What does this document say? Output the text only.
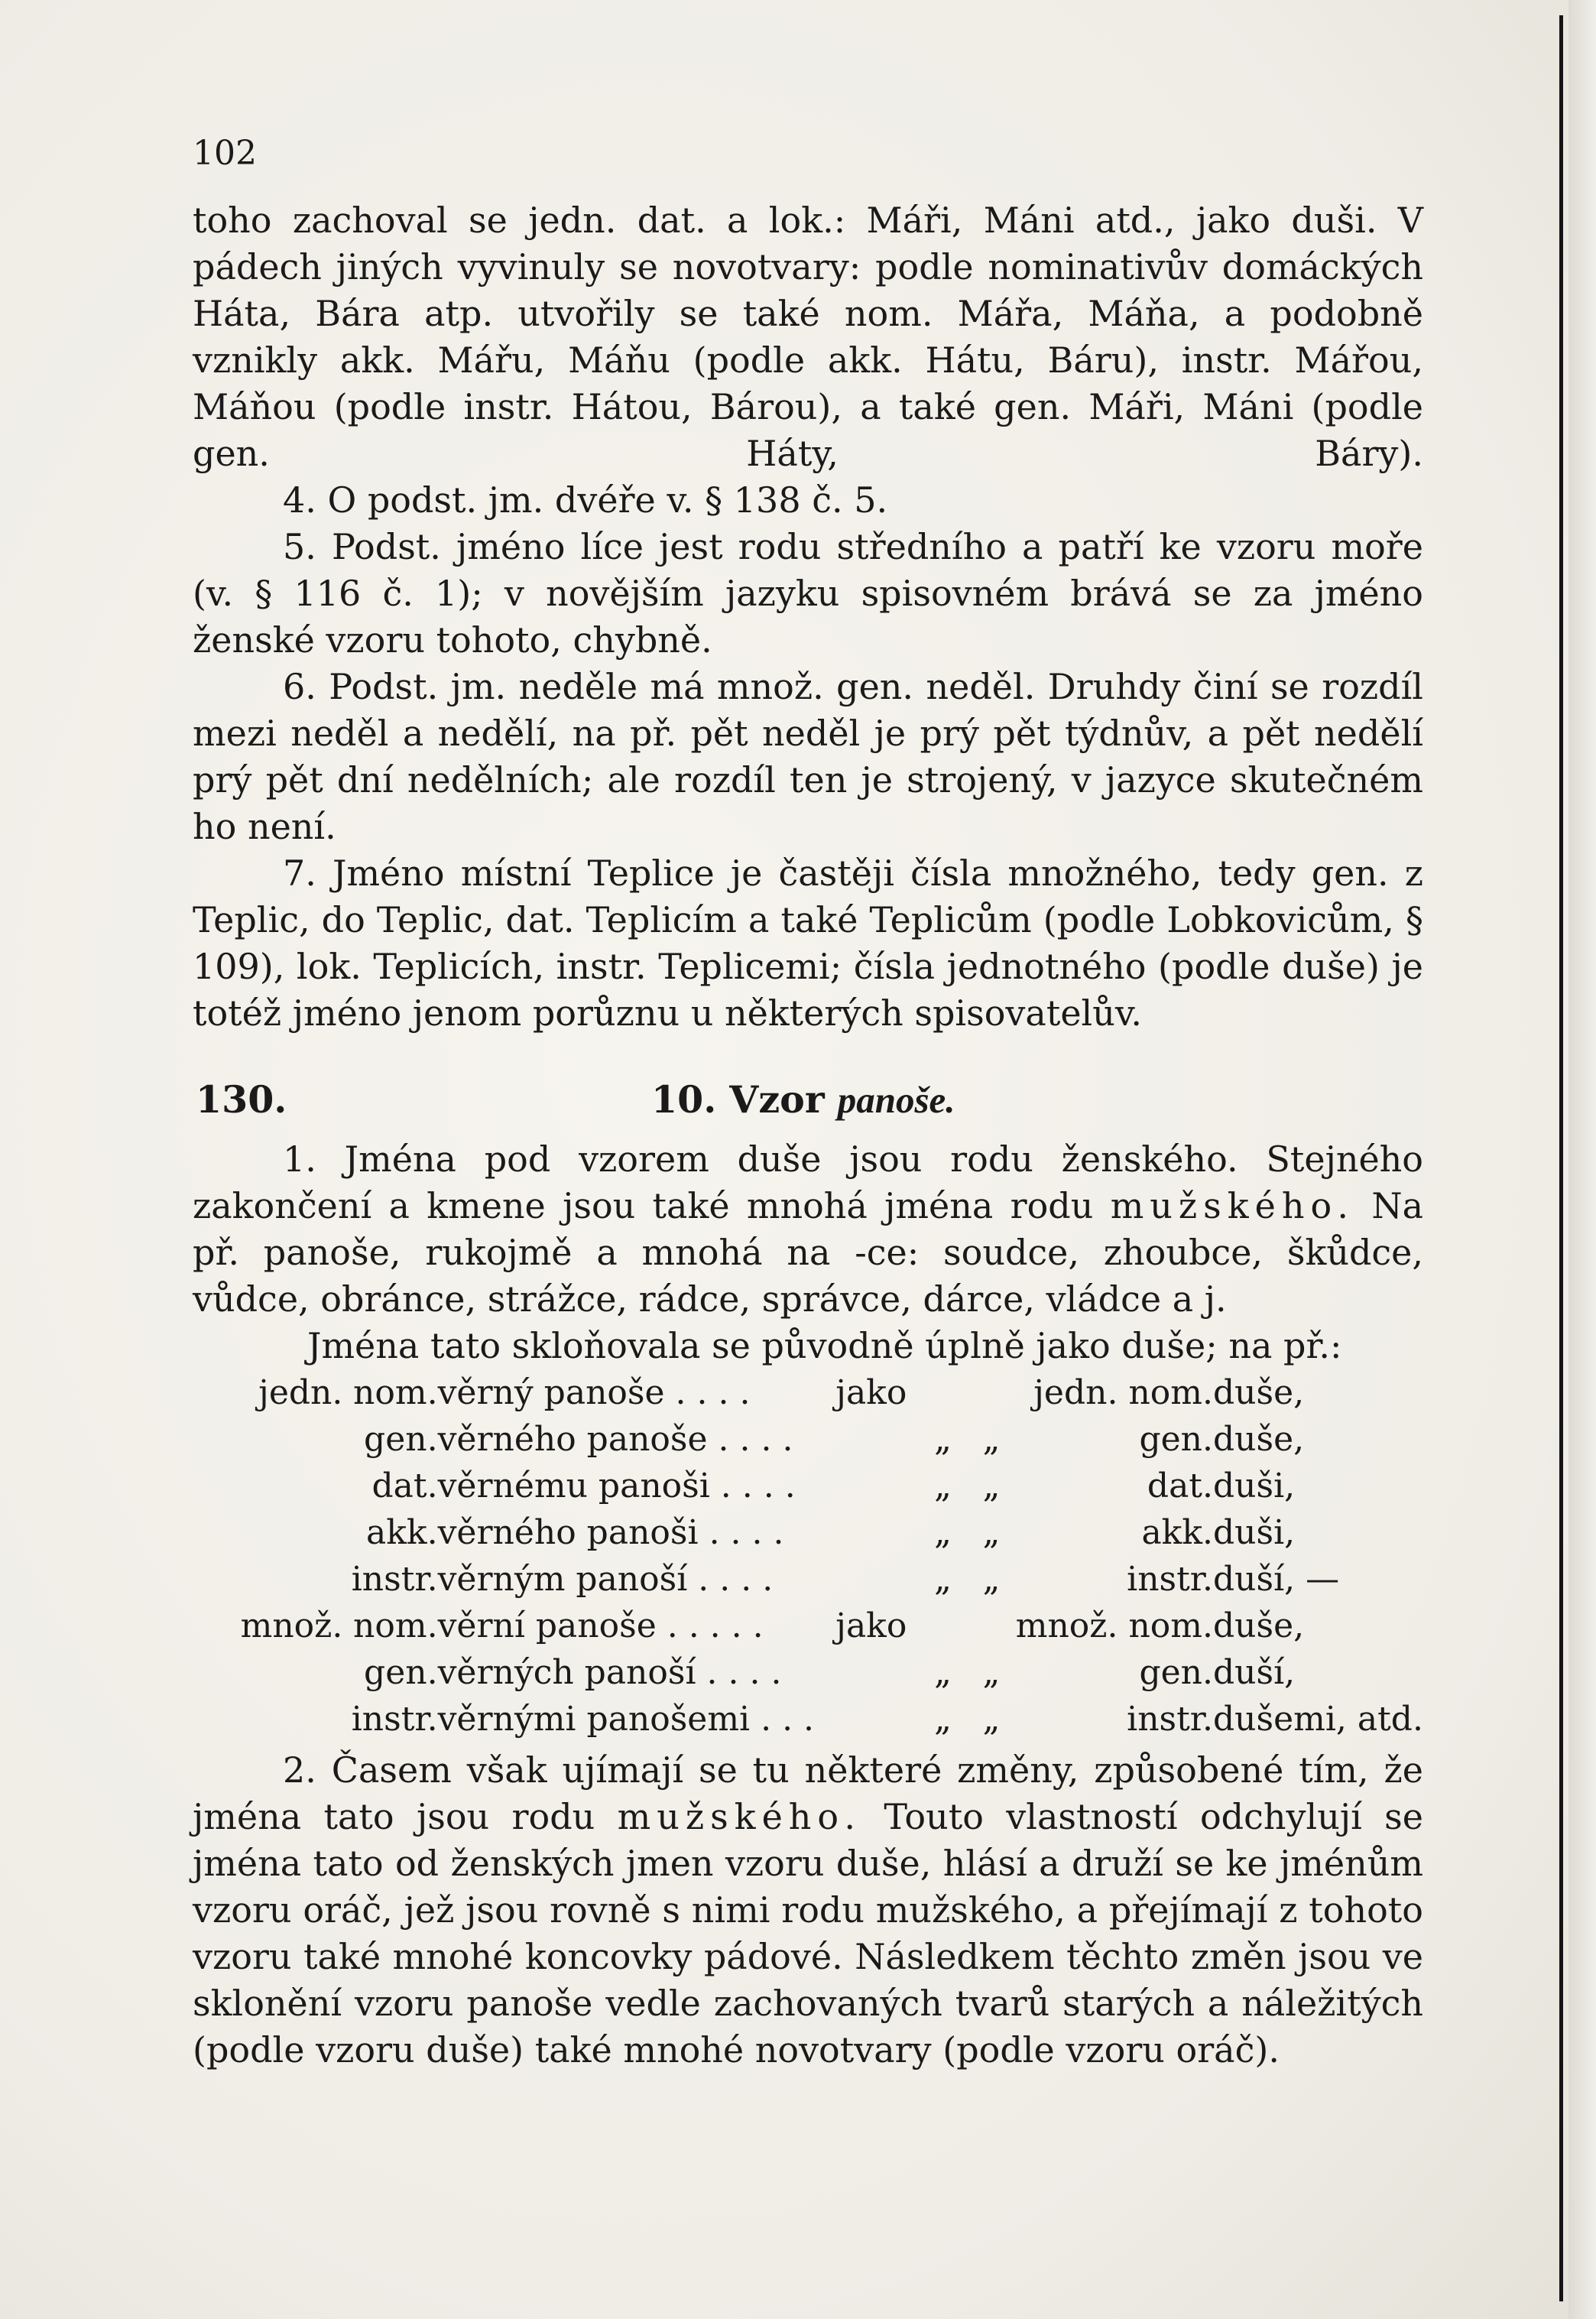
102

toho zachoval se jedn. dat. a lok.: Máři, Máni atd., jako duši. V pádech jiných vyvinuly se novotvary: podle nominativův domáckých Háta, Bára atp. utvořily se také nom. Mářa, Máňa, a podobně vznikly akk. Mářu, Máňu (podle akk. Hátu, Báru), instr. Mářou, Máňou (podle instr. Hátou, Bárou), a také gen. Máři, Máni (podle gen. Háty, Báry).

4. O podst. jm. dvéře v. § 138 č. 5.

5. Podst. jméno líce jest rodu středního a patří ke vzoru moře (v. § 116 č. 1); v novějším jazyku spisovném brává se za jméno ženské vzoru tohoto, chybně.

6. Podst. jm. neděle má množ. gen. neděl. Druhdy činí se rozdíl mezi neděl a nedělí, na př. pět neděl je prý pět týdnův, a pět nedělí prý pět dní nedělních; ale rozdíl ten je strojený, v jazyce skutečném ho není.

7. Jméno místní Teplice je častěji čísla množného, tedy gen. z Teplic, do Teplic, dat. Teplicím a také Teplicům (podle Lobkovicům, § 109), lok. Teplicích, instr. Teplicemi; čísla jednotného (podle duše) je totéž jméno jenom porůznu u některých spisovatelův.

130.	10. Vzor panoše.

1. Jména pod vzorem duše jsou rodu ženského. Stejného zakončení a kmene jsou také mnohá jména rodu mužského. Na př. panoše, rukojmě a mnohá na -ce: soudce, zhoubce, škůdce, vůdce, obránce, strážce, rádce, správce, dárce, vládce a j.

Jména tato skloňovala se původně úplně jako duše; na př.:

jedn.	nom.	věrný panoše . . . .	jako			jedn. nom.	duše,
	gen.	věrného panoše . . . .		„	„	gen.	duše,
	dat.	věrnému panoši . . . .		„	„	dat.	duši,
	akk.	věrného panoši . . . .		„	„	akk.	duši,
	instr.	věrným panoší . . . .		„	„	instr.	duší, —
množ.	nom.	věrní panoše . . . . .	jako			množ. nom.	duše,
	gen.	věrných panoší . . . .		„	„	gen.	duší,
	instr.	věrnými panošemi . . .		„	„	instr.	dušemi, atd.

2. Časem však ujímají se tu některé změny, způsobené tím, že jména tato jsou rodu mužského. Touto vlastností odchylují se jména tato od ženských jmen vzoru duše, hlásí a druží se ke jménům vzoru oráč, jež jsou rovně s nimi rodu mužského, a přejímají z tohoto vzoru také mnohé koncovky pádové. Následkem těchto změn jsou ve sklonění vzoru panoše vedle zachovaných tvarů starých a náležitých (podle vzoru duše) také mnohé novotvary (podle vzoru oráč).
